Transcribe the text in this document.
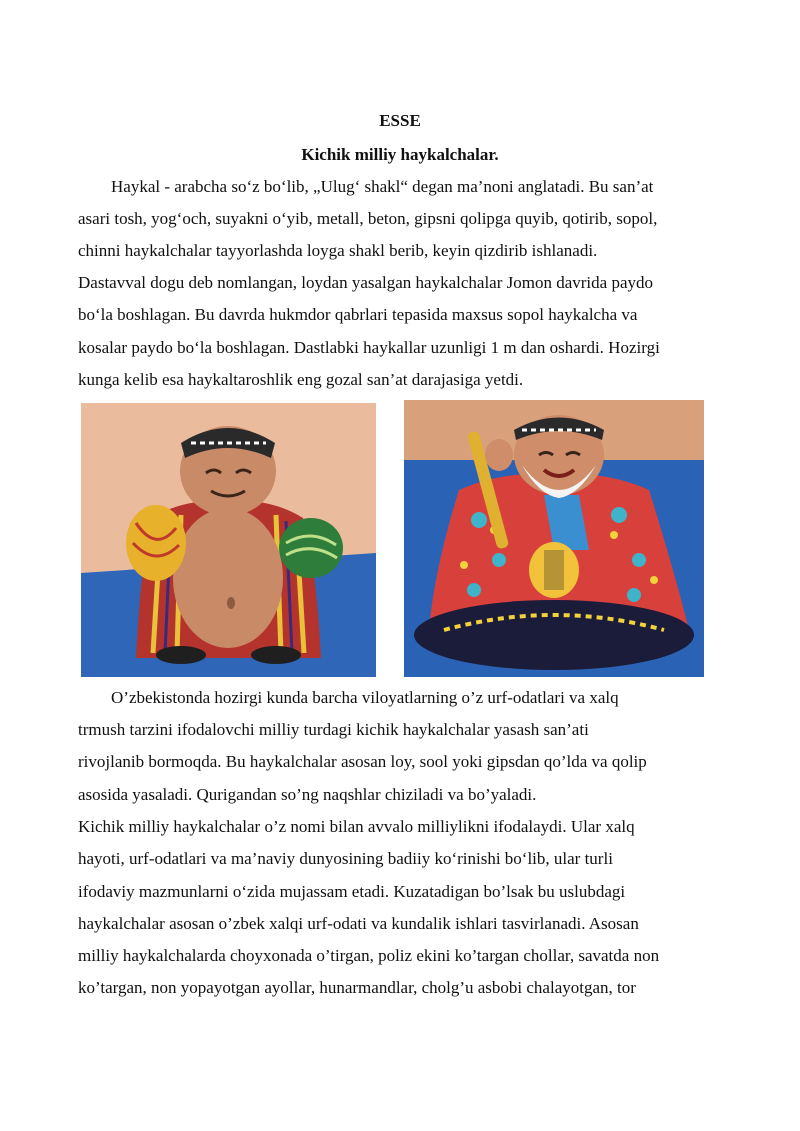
ESSE
Kichik milliy haykalchalar.
Haykal - arabcha so‘z bo‘lib, „Ulug‘ shakl“ degan ma’noni anglatadi. Bu san’at
asari tosh, yog‘och, suyakni o‘yib, metall, beton, gipsni qolipga quyib, qotirib, sopol,
chinni haykalchalar tayyorlashda loyga shakl berib, keyin qizdirib ishlanadi.
Dastavval dogu deb nomlangan, loydan yasalgan haykalchalar Jomon davrida paydo
bo‘la boshlagan. Bu davrda hukmdor qabrlari tepasida maxsus sopol haykalcha va
kosalar paydo bo‘la boshlagan. Dastlabki haykallar uzunligi 1 m dan oshardi. Hozirgi
kunga kelib esa haykaltaroshlik eng gozal san’at darajasiga yetdi.
O’zbekistonda hozirgi kunda barcha viloyatlarning o’z urf-odatlari va xalq
trmush tarzini ifodalovchi milliy turdagi kichik haykalchalar yasash san’ati
rivojlanib bormoqda. Bu haykalchalar asosan loy, sool yoki gipsdan qo’lda va qolip
asosida yasaladi. Qurigandan so’ng naqshlar chiziladi va bo’yaladi.
Kichik milliy haykalchalar o’z nomi bilan avvalo milliylikni ifodalaydi. Ular xalq
hayoti, urf-odatlari va ma’naviy dunyosining badiiy ko‘rinishi bo‘lib, ular turli
ifodaviy mazmunlarni o‘zida mujassam etadi. Kuzatadigan bo’lsak bu uslubdagi
haykalchalar asosan o’zbek xalqi urf-odati va kundalik ishlari tasvirlanadi. Asosan
milliy haykalchalarda choyxonada o’tirgan, poliz ekini ko’targan chollar, savatda non
ko’targan, non yopayotgan ayollar, hunarmandlar, cholg’u asbobi chalayotgan, tor
